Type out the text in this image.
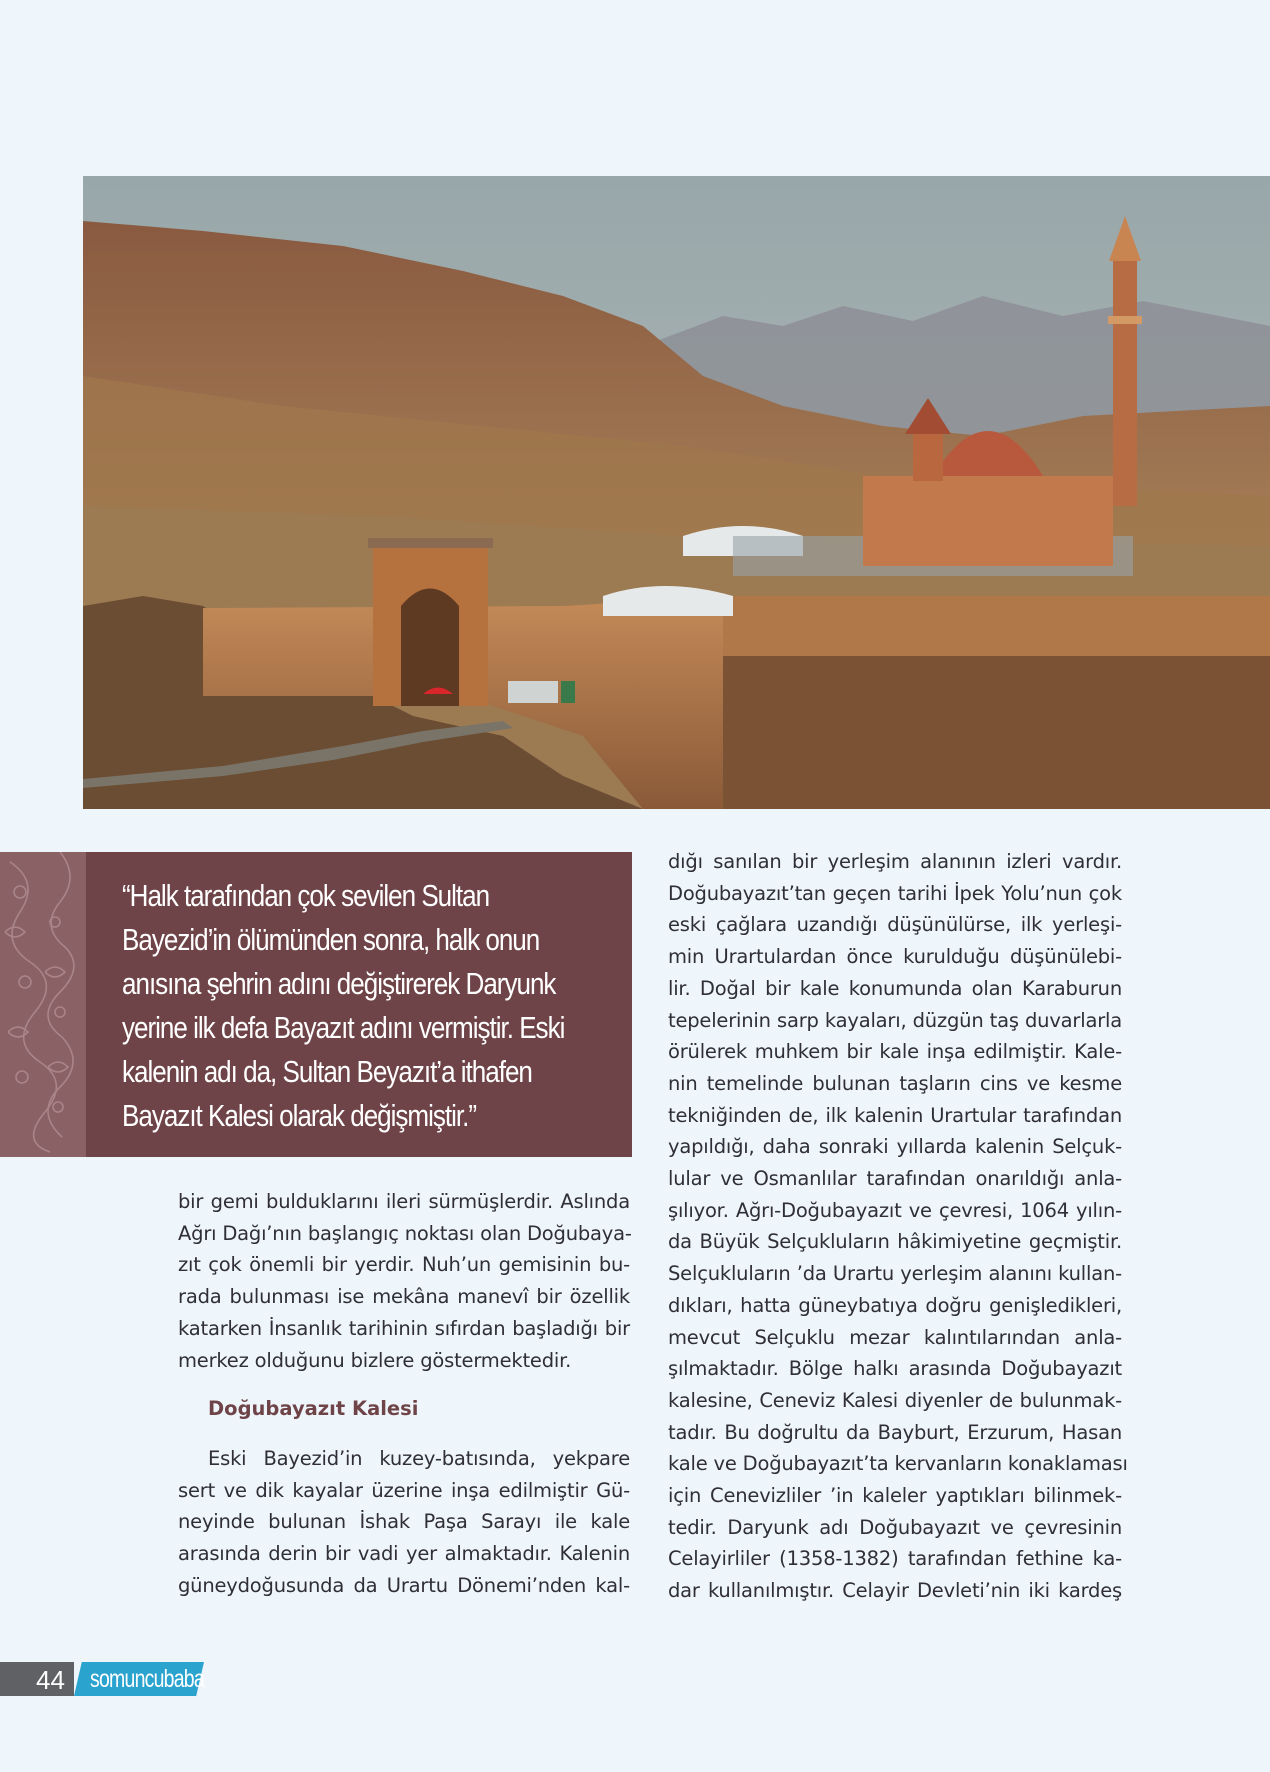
“Halk tarafından çok sevilen Sultan
Bayezid’in ölümünden sonra, halk onun
anısına şehrin adını değiştirerek Daryunk
yerine ilk defa Bayazıt adını vermiştir. Eski
kalenin adı da, Sultan Beyazıt’a ithafen
Bayazıt Kalesi olarak değişmiştir.”
bir gemi bulduklarını ileri sürmüşlerdir. Aslında
Ağrı Dağı’nın başlangıç noktası olan Doğubaya-
zıt çok önemli bir yerdir. Nuh’un gemisinin bu-
rada bulunması ise mekâna manevî bir özellik
katarken İnsanlık tarihinin sıfırdan başladığı bir
merkez olduğunu bizlere göstermektedir.
Doğubayazıt Kalesi
Eski Bayezid’in kuzey-batısında, yekpare
sert ve dik kayalar üzerine inşa edilmiştir Gü-
neyinde bulunan İshak Paşa Sarayı ile kale
arasında derin bir vadi yer almaktadır. Kalenin
güneydoğusunda da Urartu Dönemi’nden kal-
dığı sanılan bir yerleşim alanının izleri vardır.
Doğubayazıt’tan geçen tarihi İpek Yolu’nun çok
eski çağlara uzandığı düşünülürse, ilk yerleşi-
min Urartulardan önce kurulduğu düşünülebi-
lir. Doğal bir kale konumunda olan Karaburun
tepelerinin sarp kayaları, düzgün taş duvarlarla
örülerek muhkem bir kale inşa edilmiştir. Kale-
nin temelinde bulunan taşların cins ve kesme
tekniğinden de, ilk kalenin Urartular tarafından
yapıldığı, daha sonraki yıllarda kalenin Selçuk-
lular ve Osmanlılar tarafından onarıldığı anla-
şılıyor. Ağrı-Doğubayazıt ve çevresi, 1064 yılın-
da Büyük Selçukluların hâkimiyetine geçmiştir.
Selçukluların ’da Urartu yerleşim alanını kullan-
dıkları, hatta güneybatıya doğru genişledikleri,
mevcut Selçuklu mezar kalıntılarından anla-
şılmaktadır. Bölge halkı arasında Doğubayazıt
kalesine, Ceneviz Kalesi diyenler de bulunmak-
tadır. Bu doğrultu da Bayburt, Erzurum, Hasan
kale ve Doğubayazıt’ta kervanların konaklaması
için Cenevizliler ’in kaleler yaptıkları bilinmek-
tedir. Daryunk adı Doğubayazıt ve çevresinin
Celayirliler (1358-1382) tarafından fethine ka-
dar kullanılmıştır. Celayir Devleti’nin iki kardeş
44	somuncubaba
